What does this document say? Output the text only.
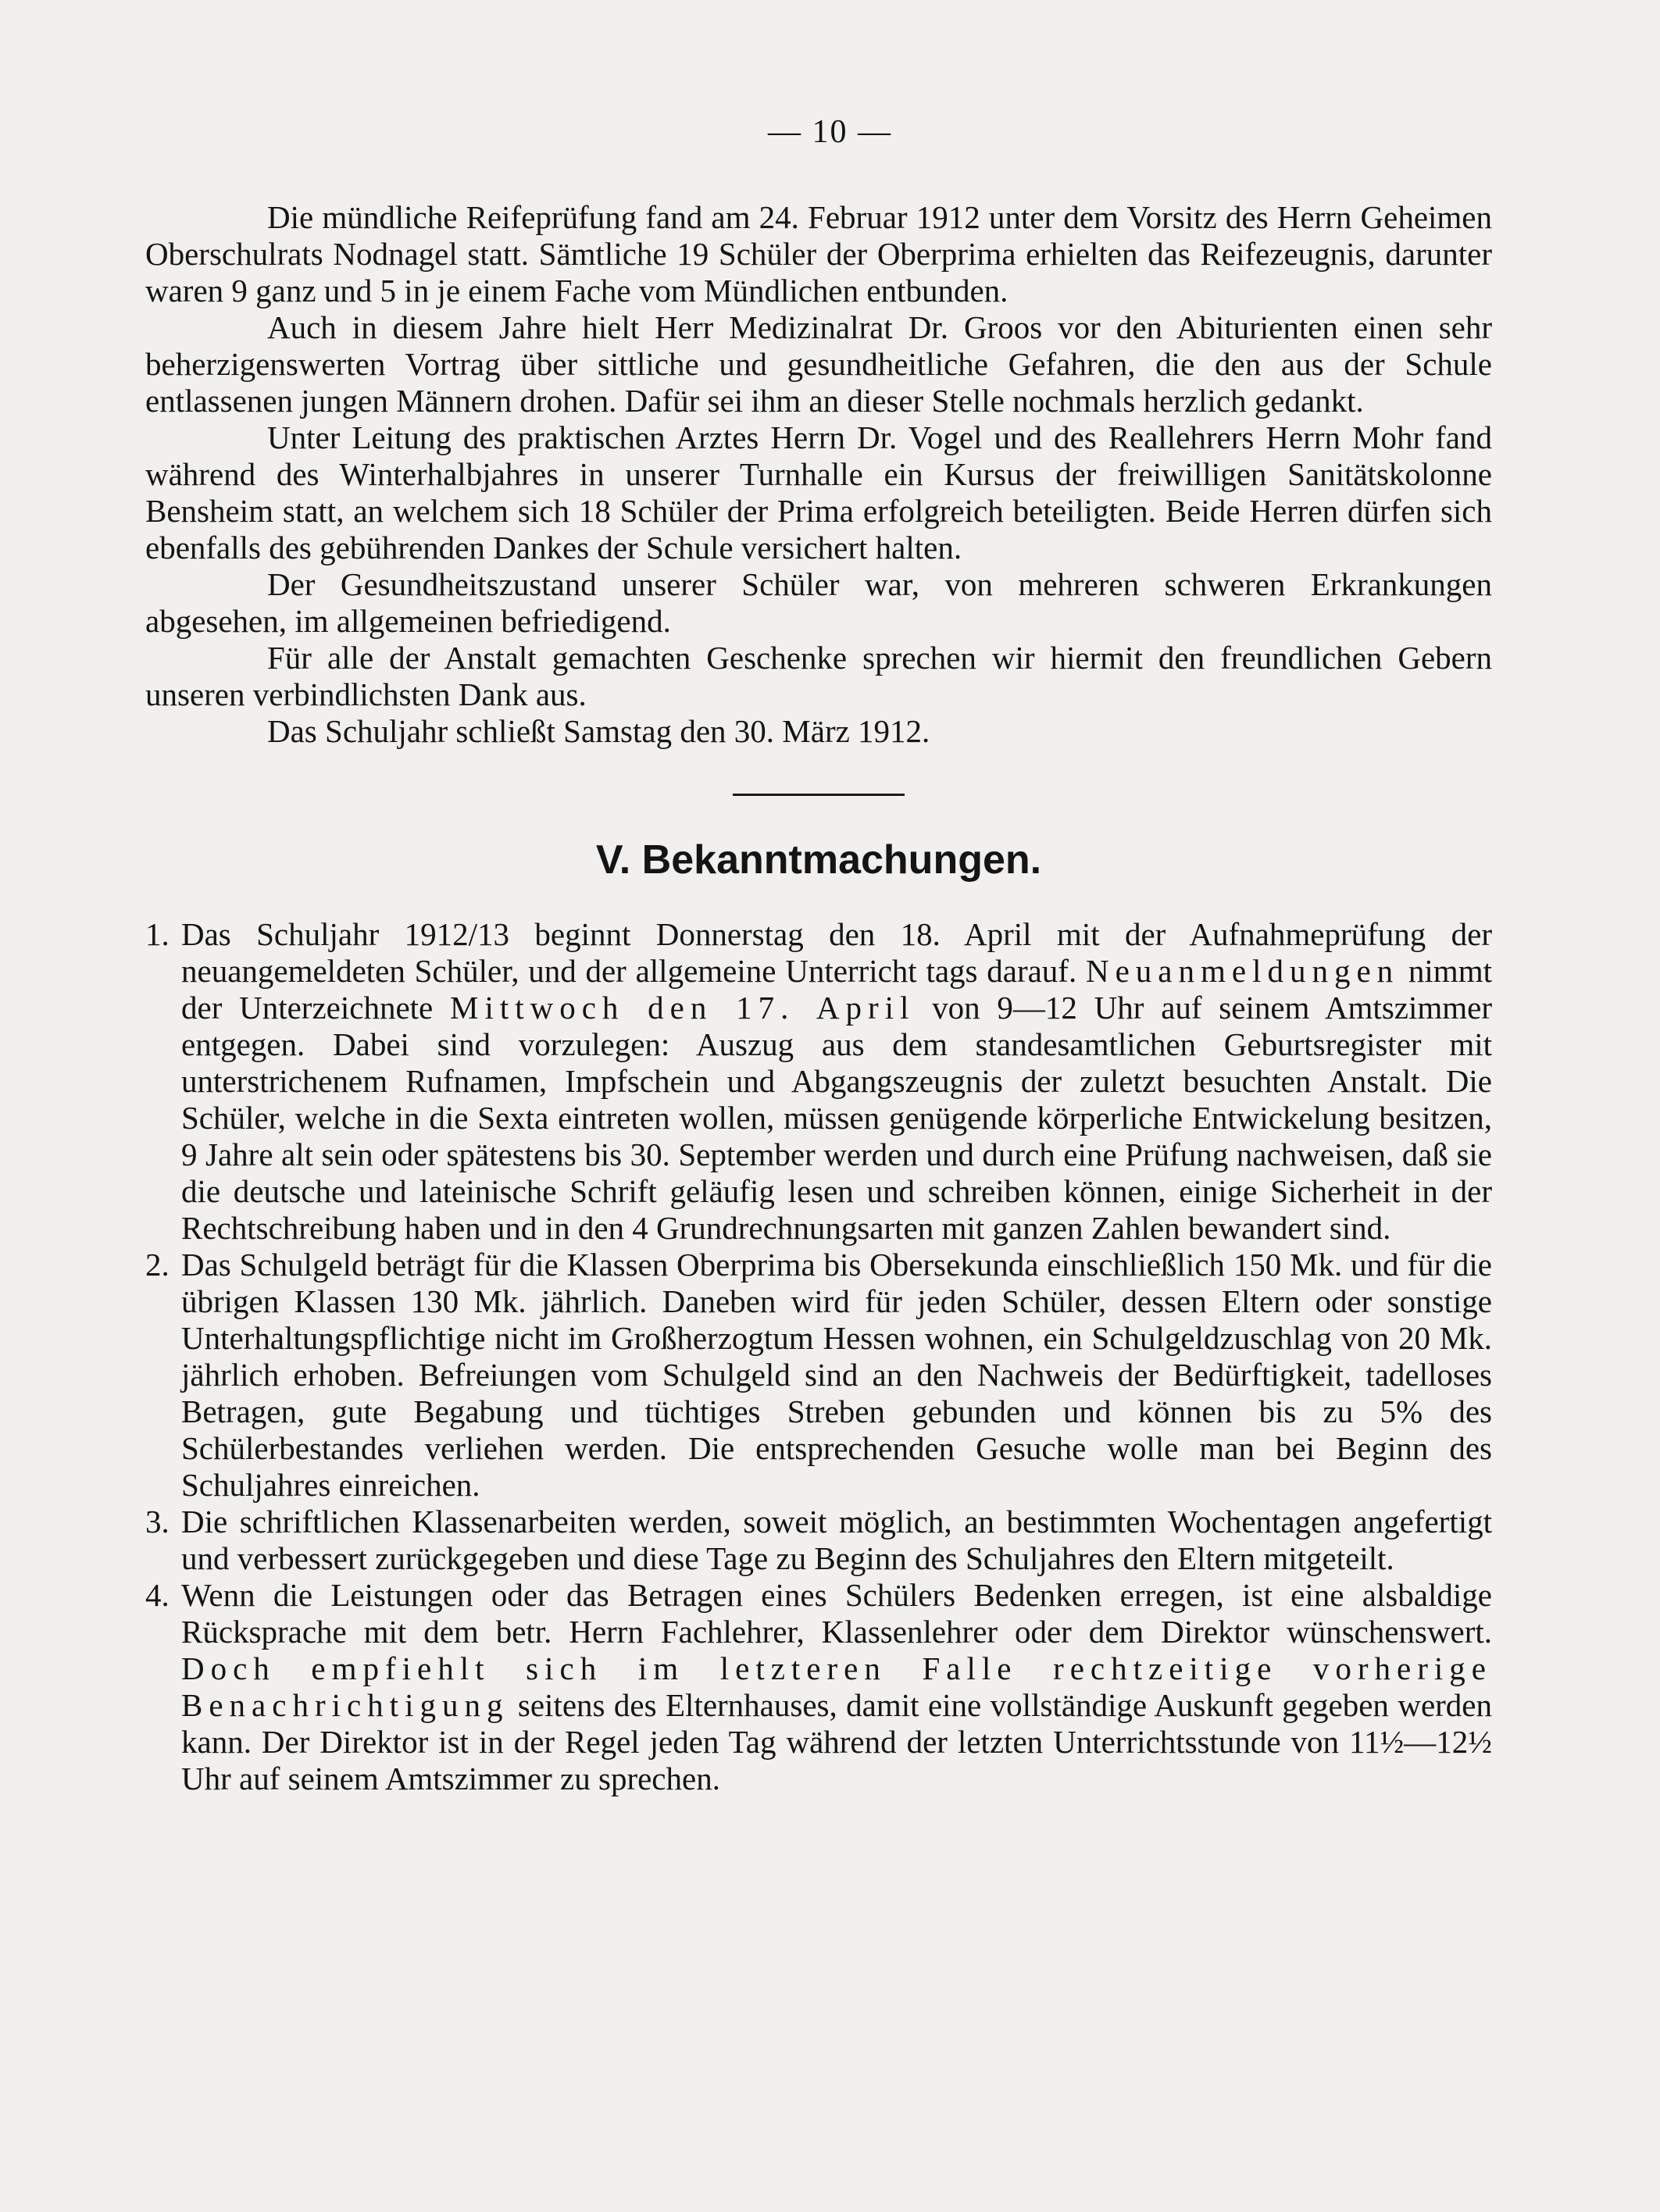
— 10 —

Die mündliche Reifeprüfung fand am 24. Februar 1912 unter dem Vorsitz des Herrn Geheimen Oberschulrats Nodnagel statt. Sämtliche 19 Schüler der Oberprima erhielten das Reifezeugnis, darunter waren 9 ganz und 5 in je einem Fache vom Mündlichen entbunden.

Auch in diesem Jahre hielt Herr Medizinalrat Dr. Groos vor den Abiturienten einen sehr beherzigenswerten Vortrag über sittliche und gesundheitliche Gefahren, die den aus der Schule entlassenen jungen Männern drohen. Dafür sei ihm an dieser Stelle nochmals herzlich gedankt.

Unter Leitung des praktischen Arztes Herrn Dr. Vogel und des Reallehrers Herrn Mohr fand während des Winterhalbjahres in unserer Turnhalle ein Kursus der freiwilligen Sanitätskolonne Bensheim statt, an welchem sich 18 Schüler der Prima erfolgreich beteiligten. Beide Herren dürfen sich ebenfalls des gebührenden Dankes der Schule versichert halten.

Der Gesundheitszustand unserer Schüler war, von mehreren schweren Erkrankungen abgesehen, im allgemeinen befriedigend.

Für alle der Anstalt gemachten Geschenke sprechen wir hiermit den freundlichen Gebern unseren verbindlichsten Dank aus.

Das Schuljahr schließt Samstag den 30. März 1912.

V. Bekanntmachungen.
1. Das Schuljahr 1912/13 beginnt Donnerstag den 18. April mit der Aufnahmeprüfung der neuangemeldeten Schüler, und der allgemeine Unterricht tags darauf. Neuanmeldungen nimmt der Unterzeichnete Mittwoch den 17. April von 9—12 Uhr auf seinem Amtszimmer entgegen. Dabei sind vorzulegen: Auszug aus dem standesamtlichen Geburtsregister mit unterstrichenem Rufnamen, Impfschein und Abgangszeugnis der zuletzt besuchten Anstalt. Die Schüler, welche in die Sexta eintreten wollen, müssen genügende körperliche Entwickelung besitzen, 9 Jahre alt sein oder spätestens bis 30. September werden und durch eine Prüfung nachweisen, daß sie die deutsche und lateinische Schrift geläufig lesen und schreiben können, einige Sicherheit in der Rechtschreibung haben und in den 4 Grundrechnungsarten mit ganzen Zahlen bewandert sind.
2. Das Schulgeld beträgt für die Klassen Oberprima bis Obersekunda einschließlich 150 Mk. und für die übrigen Klassen 130 Mk. jährlich. Daneben wird für jeden Schüler, dessen Eltern oder sonstige Unterhaltungspflichtige nicht im Großherzogtum Hessen wohnen, ein Schulgeldzuschlag von 20 Mk. jährlich erhoben. Befreiungen vom Schulgeld sind an den Nachweis der Bedürftigkeit, tadelloses Betragen, gute Begabung und tüchtiges Streben gebunden und können bis zu 5% des Schülerbestandes verliehen werden. Die entsprechenden Gesuche wolle man bei Beginn des Schuljahres einreichen.
3. Die schriftlichen Klassenarbeiten werden, soweit möglich, an bestimmten Wochentagen angefertigt und verbessert zurückgegeben und diese Tage zu Beginn des Schuljahres den Eltern mitgeteilt.
4. Wenn die Leistungen oder das Betragen eines Schülers Bedenken erregen, ist eine alsbaldige Rücksprache mit dem betr. Herrn Fachlehrer, Klassenlehrer oder dem Direktor wünschenswert. Doch empfiehlt sich im letzteren Falle rechtzeitige vorherige Benachrichtigung seitens des Elternhauses, damit eine vollständige Auskunft gegeben werden kann. Der Direktor ist in der Regel jeden Tag während der letzten Unterrichtsstunde von 11½—12½ Uhr auf seinem Amtszimmer zu sprechen.
